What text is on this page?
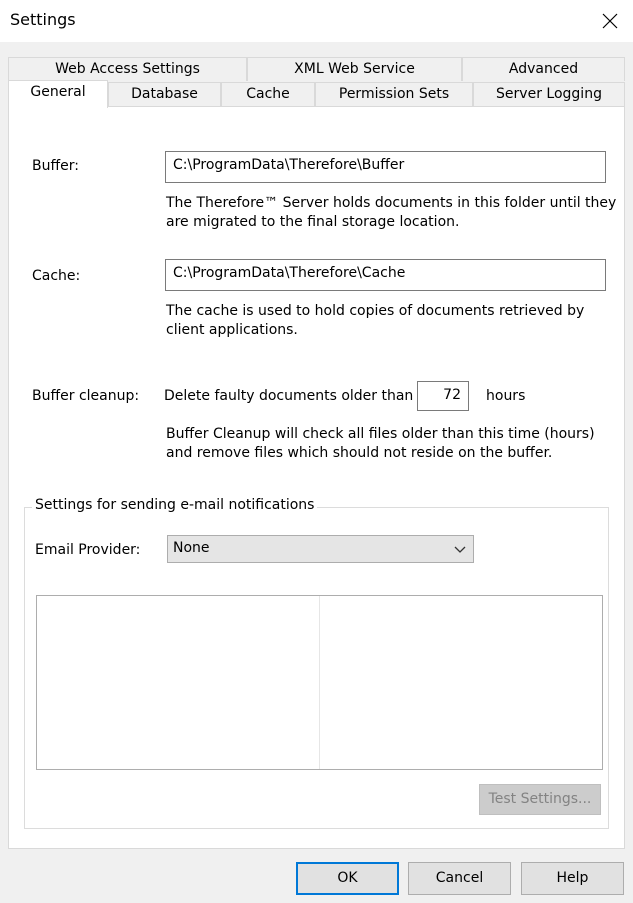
Settings
Web Access Settings	XML Web Service	Advanced
General	Database	Cache	Permission Sets	Server Logging
Buffer:	C:\ProgramData\Therefore\Buffer
The Therefore™ Server holds documents in this folder until they
are migrated to the final storage location.
Cache:	C:\ProgramData\Therefore\Cache
The cache is used to hold copies of documents retrieved by
client applications.
Buffer cleanup: Delete faulty documents older than	72	hours
Buffer Cleanup will check all files older than this time (hours)
and remove files which should not reside on the buffer.
Settings for sending e-mail notifications
Email Provider:	None
Test Settings...
OK	Cancel	Help
